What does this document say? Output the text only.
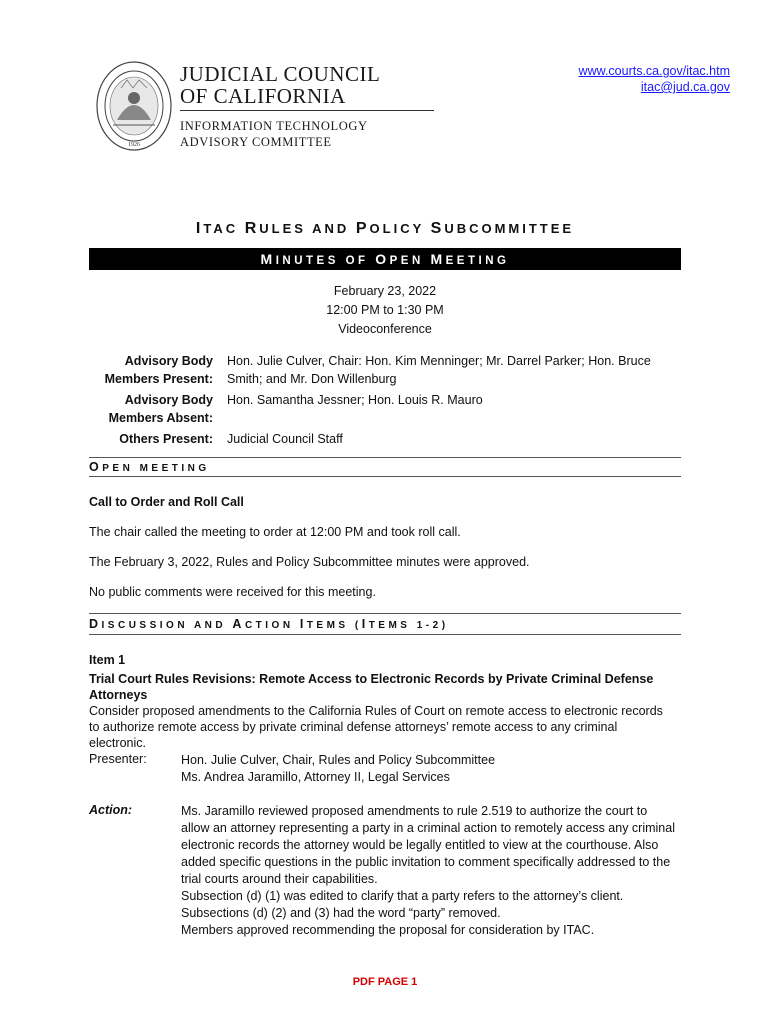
1926
JUDICIAL COUNCIL
OF CALIFORNIA
INFORMATION TECHNOLOGY
ADVISORY COMMITTEE
www.courts.ca.gov/itac.htm
itac@jud.ca.gov
ITAC RULES AND POLICY SUBCOMMITTEE
MINUTES OF OPEN MEETING
February 23, 2022
12:00 PM to 1:30 PM
Videoconference
Advisory Body
Members Present:
Hon. Julie Culver, Chair: Hon. Kim Menninger; Mr. Darrel Parker; Hon. Bruce
Smith; and Mr. Don Willenburg
Advisory Body
Members Absent:
Hon. Samantha Jessner; Hon. Louis R. Mauro
Others Present: Judicial Council Staff
OPEN MEETING
Call to Order and Roll Call
The chair called the meeting to order at 12:00 PM and took roll call.
The February 3, 2022, Rules and Policy Subcommittee minutes were approved.
No public comments were received for this meeting.
DISCUSSION AND ACTION ITEMS (ITEMS 1-2)
Item 1
Trial Court Rules Revisions: Remote Access to Electronic Records by Private Criminal Defense
Attorneys
Consider proposed amendments to the California Rules of Court on remote access to electronic records
to authorize remote access by private criminal defense attorneys’ remote access to any criminal
electronic.
Presenter:	Hon. Julie Culver, Chair, Rules and Policy Subcommittee
Ms. Andrea Jaramillo, Attorney II, Legal Services
Action:	Ms. Jaramillo reviewed proposed amendments to rule 2.519 to authorize the court to
allow an attorney representing a party in a criminal action to remotely access any criminal
electronic records the attorney would be legally entitled to view at the courthouse. Also
added specific questions in the public invitation to comment specifically addressed to the
trial courts around their capabilities.
Subsection (d) (1) was edited to clarify that a party refers to the attorney’s client.
Subsections (d) (2) and (3) had the word “party” removed.
Members approved recommending the proposal for consideration by ITAC.
PDF PAGE 1
